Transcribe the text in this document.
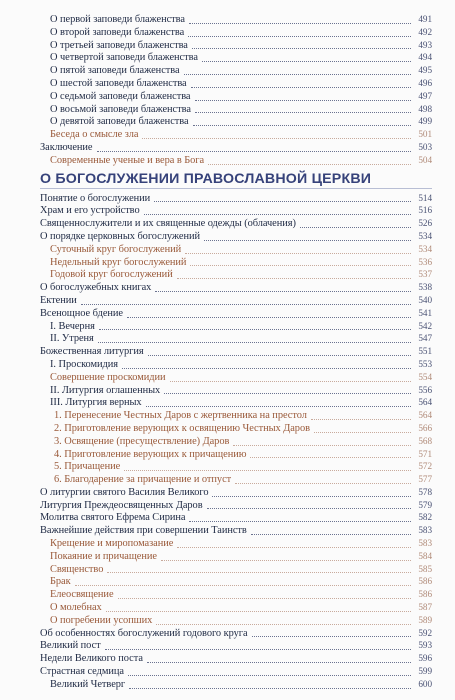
О первой заповеди блаженства	491
О второй заповеди блаженства	492
О третьей заповеди блаженства	493
О четвертой заповеди блаженства	494
О пятой заповеди блаженства	495
О шестой заповеди блаженства	496
О седьмой заповеди блаженства	497
О восьмой заповеди блаженства	498
О девятой заповеди блаженства	499
Беседа о смысле зла	501
Заключение	503
Современные ученые и вера в Бога	504
О БОГОСЛУЖЕНИИ ПРАВОСЛАВНОЙ ЦЕРКВИ
Понятие о богослужении	514
Храм и его устройство	516
Священнослужители и их священные одежды (облачения)	526
О порядке церковных богослужений	534
Суточный круг богослужений	534
Недельный круг богослужений	536
Годовой круг богослужений	537
О богослужебных книгах	538
Ектении	540
Всенощное бдение	541
I. Вечерня	542
II. Утреня	547
Божественная литургия	551
I. Проскомидия	553
Совершение проскомидии	554
II. Литургия оглашенных	556
III. Литургия верных	564
1. Перенесение Честных Даров с жертвенника на престол	564
2. Приготовление верующих к освящению Честных Даров	566
3. Освящение (пресуществление) Даров	568
4. Приготовление верующих к причащению	571
5. Причащение	572
6. Благодарение за причащение и отпуст	577
О литургии святого Василия Великого	578
Литургия Преждеосвященных Даров	579
Молитва святого Ефрема Сирина	582
Важнейшие действия при совершении Таинств	583
Крещение и миропомазание	583
Покаяние и причащение	584
Священство	585
Брак	586
Елеосвящение	586
О молебнах	587
О погребении усопших	589
Об особенностях богослужений годового круга	592
Великий пост	593
Недели Великого поста	596
Страстная седмица	599
Великий Четверг	600
